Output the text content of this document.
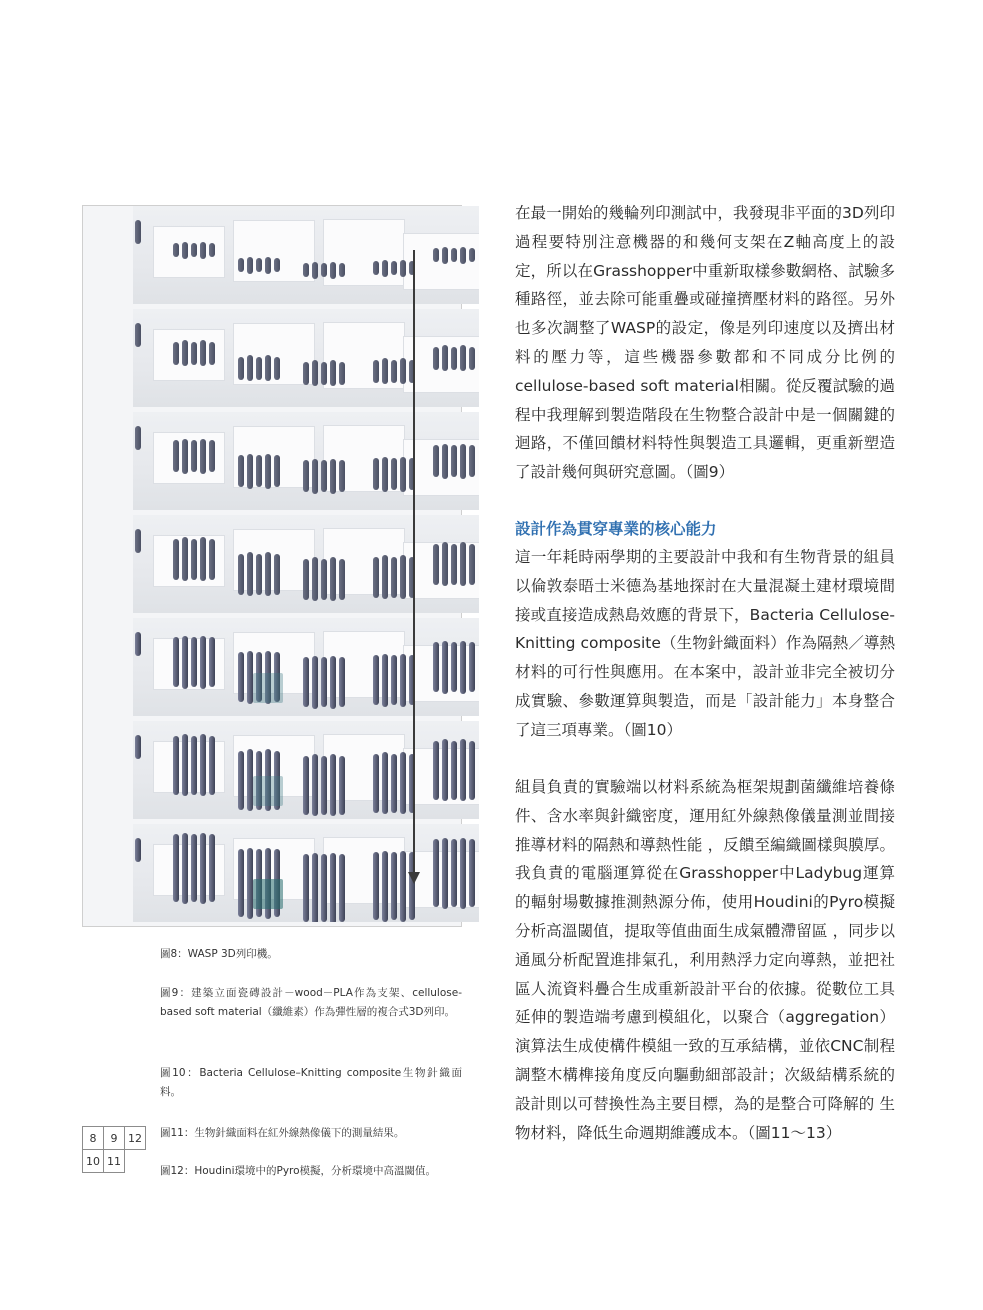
圖8：WASP 3D列印機。
圖9：建築立面瓷磚設計－wood－PLA作為支架、cellulose-based soft material（纖維素）作為彈性層的複合式3D列印。
圖10：Bacteria Cellulose–Knitting composite生物針織面料。
圖11：生物針織面料在紅外線熱像儀下的測量結果。
圖12：Houdini環境中的Pyro模擬，分析環境中高溫閾值。
8	9	12
10	11	
在最一開始的幾輪列印測試中，我發現非平面的3D列印過程要特別注意機器的和幾何支架在Z軸高度上的設定，所以在Grasshopper中重新取樣參數網格、試驗多種路徑，並去除可能重疊或碰撞擠壓材料的路徑。另外也多次調整了WASP的設定，像是列印速度以及擠出材料的壓力等，這些機器參數都和不同成分比例的cellulose-based soft material相關。從反覆試驗的過程中我理解到製造階段在生物整合設計中是一個關鍵的迴路，不僅回饋材料特性與製造工具邏輯，更重新塑造了設計幾何與研究意圖。（圖9）
設計作為貫穿專業的核心能力
這一年耗時兩學期的主要設計中我和有生物背景的組員以倫敦泰晤士米德為基地探討在大量混凝土建材環境間接或直接造成熱島效應的背景下，Bacteria Cellulose-Knitting composite（生物針織面料）作為隔熱／導熱材料的可行性與應用。在本案中，設計並非完全被切分成實驗、參數運算與製造，而是「設計能力」本身整合了這三項專業。（圖10）
組員負責的實驗端以材料系統為框架規劃菌纖維培養條件、含水率與針織密度，運用紅外線熱像儀量測並間接推導材料的隔熱和導熱性能 ，反饋至編織圖樣與膜厚。我負責的電腦運算從在Grasshopper中Ladybug運算的輻射場數據推測熱源分佈，使用Houdini的Pyro模擬分析高溫閾值，提取等值曲面生成氣體滯留區 ，同步以通風分析配置進排氣孔，利用熱浮力定向導熱，並把社區人流資料疊合生成重新設計平台的依據。從數位工具延伸的製造端考慮到模組化，以聚合（aggregation）演算法生成使構件模組一致的互承結構，並依CNC制程調整木構榫接角度反向驅動細部設計；次級結構系統的設計則以可替換性為主要目標，為的是整合可降解的 生物材料，降低生命週期維護成本。（圖11～13）
